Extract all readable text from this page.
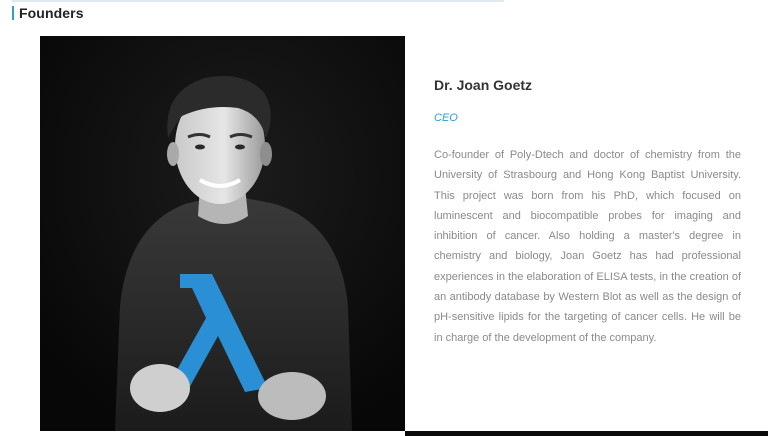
Founders
Dr. Joan Goetz
CEO

Co-founder of Poly-Dtech and doctor of chemistry from the University of Strasbourg and Hong Kong Baptist University. This project was born from his PhD, which focused on luminescent and biocompatible probes for imaging and inhibition of cancer. Also holding a master's degree in chemistry and biology, Joan Goetz has had professional experiences in the elaboration of ELISA tests, in the creation of an antibody database by Western Blot as well as the design of pH-sensitive lipids for the targeting of cancer cells. He will be in charge of the development of the company.
